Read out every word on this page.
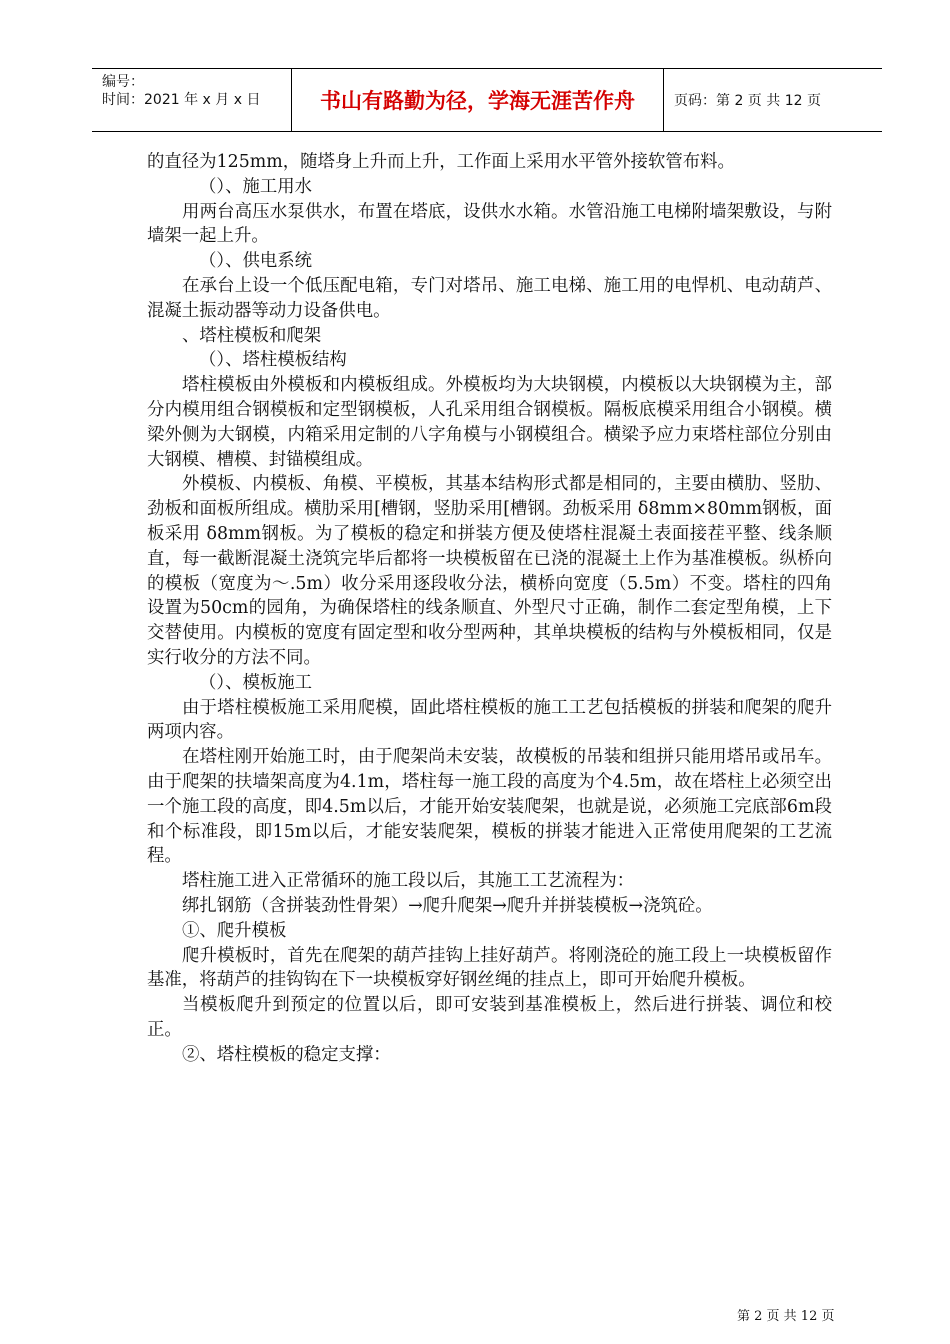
编号：
时间：2021 年 x 月 x 日	书山有路勤为径，学海无涯苦作舟	页码：第 2 页 共 12 页

的直径为125mm，随塔身上升而上升，工作面上采用水平管外接软管布料。

（）、施工用水

用两台高压水泵供水，布置在塔底，设供水水箱。水管沿施工电梯附墙架敷设，与附墙架一起上升。

（）、供电系统

在承台上设一个低压配电箱，专门对塔吊、施工电梯、施工用的电悍机、电动葫芦、混凝土振动器等动力设备供电。

、塔柱模板和爬架

（）、塔柱模板结构

塔柱模板由外模板和内模板组成。外模板均为大块钢模，内模板以大块钢模为主，部分内模用组合钢模板和定型钢模板，人孔采用组合钢模板。隔板底模采用组合小钢模。横梁外侧为大钢模，内箱采用定制的八字角模与小钢模组合。横梁予应力束塔柱部位分别由大钢模、槽模、封锚模组成。

外模板、内模板、角模、平模板，其基本结构形式都是相同的，主要由横肋、竖肋、劲板和面板所组成。横肋采用[槽钢，竖肋采用[槽钢。劲板采用 δ8mm×80mm钢板，面板采用 δ8mm钢板。为了模板的稳定和拼装方便及使塔柱混凝土表面接茬平整、线条顺直，每一截断混凝土浇筑完毕后都将一块模板留在已浇的混凝土上作为基准模板。纵桥向的模板（宽度为～.5m）收分采用逐段收分法，横桥向宽度（5.5m）不变。塔柱的四角设置为50cm的园角，为确保塔柱的线条顺直、外型尺寸正确，制作二套定型角模，上下交替使用。内模板的宽度有固定型和收分型两种，其单块模板的结构与外模板相同，仅是实行收分的方法不同。

（）、模板施工

由于塔柱模板施工采用爬模，固此塔柱模板的施工工艺包括模板的拼装和爬架的爬升两项内容。

在塔柱刚开始施工时，由于爬架尚未安装，故模板的吊装和组拼只能用塔吊或吊车。 由于爬架的扶墙架高度为4.1m，塔柱每一施工段的高度为个4.5m，故在塔柱上必须空出一个施工段的高度，即4.5m以后，才能开始安装爬架，也就是说，必须施工完底部6m段和个标准段，即15m以后，才能安装爬架，模板的拼装才能进入正常使用爬架的工艺流程。

塔柱施工进入正常循环的施工段以后，其施工工艺流程为：

绑扎钢筋（含拼装劲性骨架）→爬升爬架→爬升并拼装模板→浇筑砼。

①、爬升模板

爬升模板时，首先在爬架的葫芦挂钩上挂好葫芦。将刚浇砼的施工段上一块模板留作基准，将葫芦的挂钩钩在下一块模板穿好钢丝绳的挂点上，即可开始爬升模板。

当模板爬升到预定的位置以后，即可安装到基准模板上，然后进行拼装、调位和校正。

②、塔柱模板的稳定支撑：

第 2 页 共 12 页
